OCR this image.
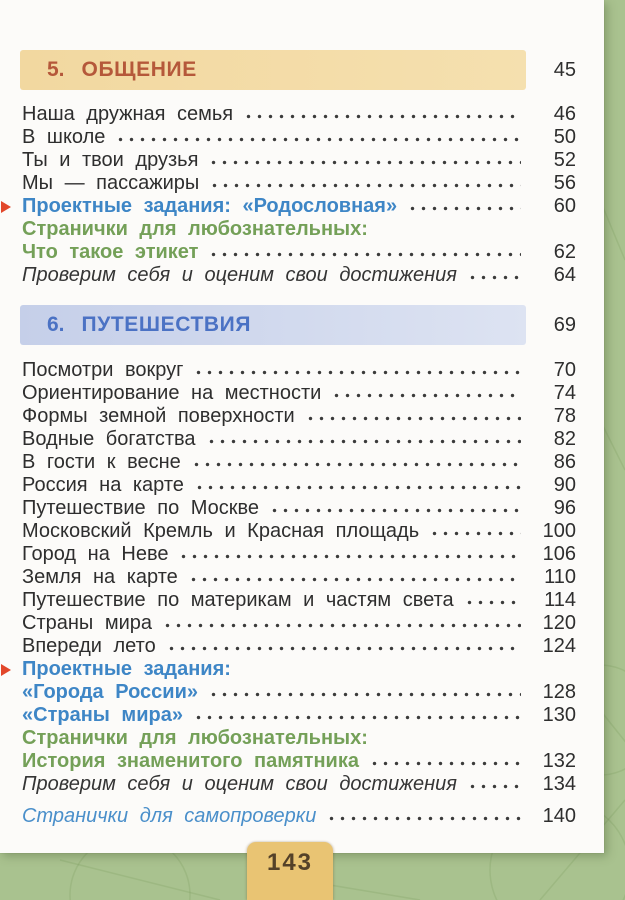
5. ОБЩЕНИЕ	45
Наша дружная семья	46
В школе	50
Ты и твои друзья	52
Мы — пассажиры	56
Проектные задания: «Родословная»	60
Странички для любознательных:
Что такое этикет	62
Проверим себя и оценим свои достижения	64
6. ПУТЕШЕСТВИЯ	69
Посмотри вокруг	70
Ориентирование на местности	74
Формы земной поверхности	78
Водные богатства	82
В гости к весне	86
Россия на карте	90
Путешествие по Москве	96
Московский Кремль и Красная площадь	100
Город на Неве	106
Земля на карте	110
Путешествие по материкам и частям света	114
Страны мира	120
Впереди лето	124
Проектные задания:
«Города России»	128
«Страны мира»	130
Странички для любознательных:
История знаменитого памятника	132
Проверим себя и оценим свои достижения	134
Странички для самопроверки	140
143
